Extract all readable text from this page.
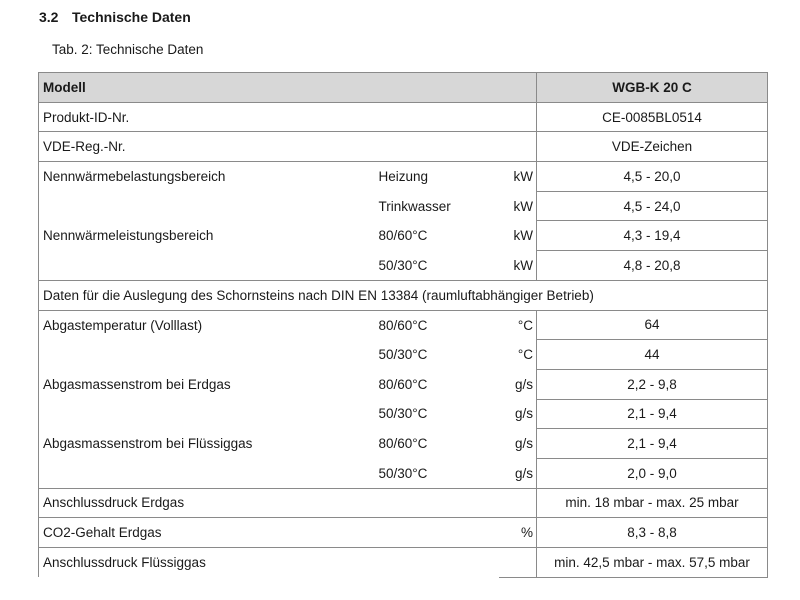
3.2 Technische Daten
Tab. 2: Technische Daten
Modell			WGB-K 20 C
Produkt-ID-Nr.			CE-0085BL0514
VDE-Reg.-Nr.			VDE-Zeichen
Nennwärmebelastungsbereich	Heizung	kW	4,5 - 20,0
	Trinkwasser	kW	4,5 - 24,0
Nennwärmeleistungsbereich	80/60°C	kW	4,3 - 19,4
	50/30°C	kW	4,8 - 20,8
Daten für die Auslegung des Schornsteins nach DIN EN 13384 (raumluftabhängiger Betrieb)			
Abgastemperatur (Volllast)	80/60°C	°C	64
	50/30°C	°C	44
Abgasmassenstrom bei Erdgas	80/60°C	g/s	2,2 - 9,8
	50/30°C	g/s	2,1 - 9,4
Abgasmassenstrom bei Flüssiggas	80/60°C	g/s	2,1 - 9,4
	50/30°C	g/s	2,0 - 9,0
Anschlussdruck Erdgas			min. 18 mbar - max. 25 mbar
CO2-Gehalt Erdgas		%	8,3 - 8,8
Anschlussdruck Flüssiggas			min. 42,5 mbar - max. 57,5 mbar
